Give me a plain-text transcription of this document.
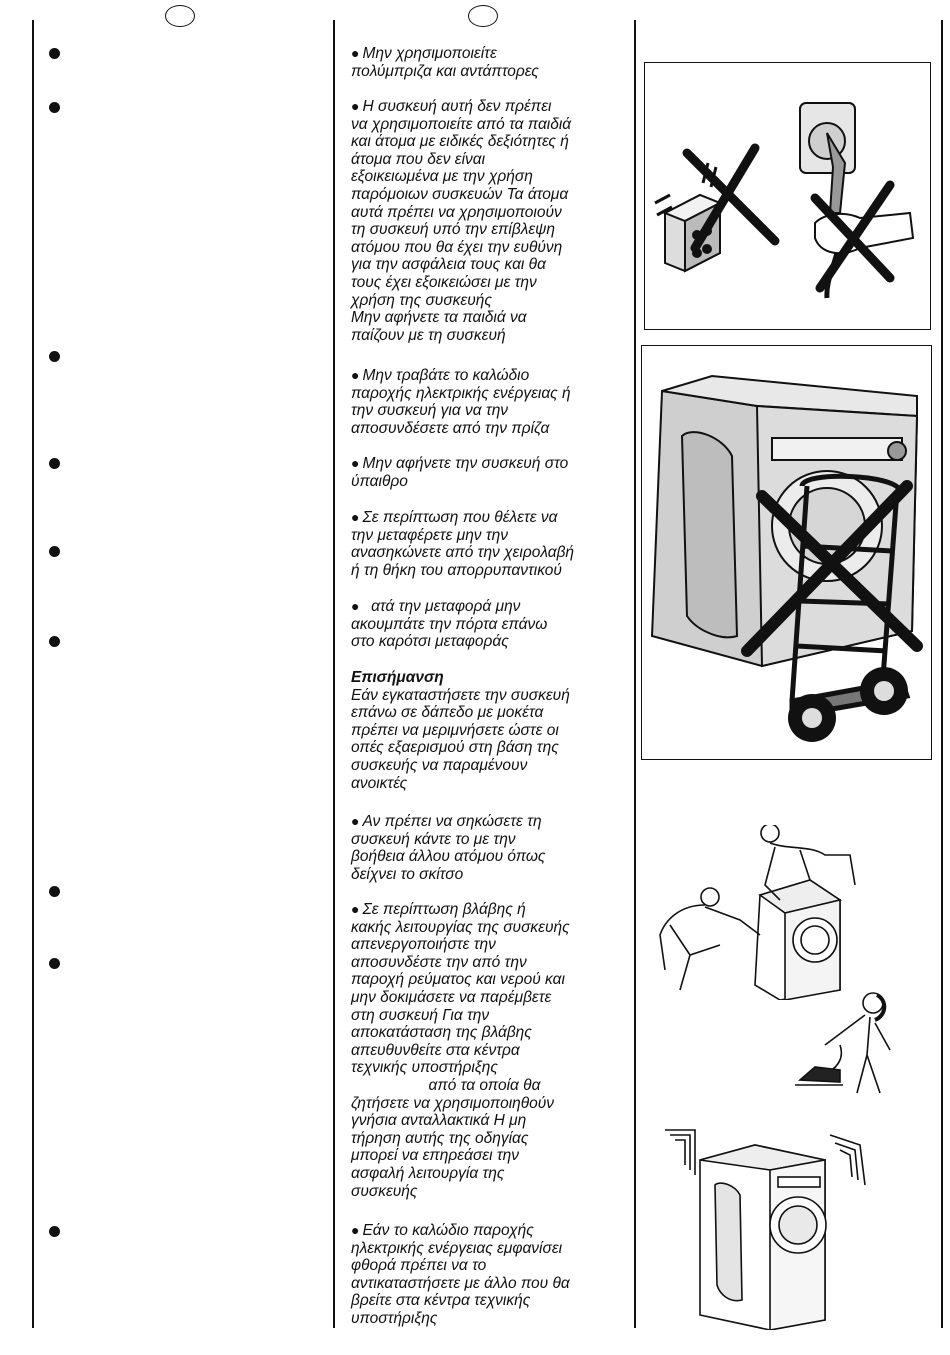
● Μην χρησιμοποιείτε

πολύμπριζα και αντάπτορες

● Η συσκευή αυτή δεν πρέπει

να χρησιμοποιείτε από τα παιδιά

και άτομα με ειδικές δεξιότητες ή

άτομα που δεν είναι

εξοικειωμένα με την χρήση

παρόμοιων συσκευών Τα άτομα

αυτά πρέπει να χρησιμοποιούν

τη συσκευή υπό την επίβλεψη

ατόμου που θα έχει την ευθύνη

για την ασφάλεια τους και θα

τους έχει εξοικειώσει με την

χρήση της συσκευής

Μην αφήνετε τα παιδιά να

παίζουν με τη συσκευή

● Μην τραβάτε το καλώδιο

παροχής ηλεκτρικής ενέργειας ή

την συσκευή για να την

αποσυνδέσετε από την πρίζα

● Μην αφήνετε την συσκευή στο

ύπαιθρο

● Σε περίπτωση που θέλετε να

την μεταφέρετε μην την

ανασηκώνετε από την χειρολαβή

ή τη θήκη του απορρυπαντικού

●  ατά την μεταφορά μην

ακουμπάτε την πόρτα επάνω

στο καρότσι μεταφοράς

Επισήμανση

Εάν εγκαταστήσετε την συσκευή

επάνω σε δάπεδο με μοκέτα

πρέπει να μεριμνήσετε ώστε οι

οπές εξαερισμού στη βάση της

συσκευής να παραμένουν

ανοικτές

● Αν πρέπει να σηκώσετε τη

συσκευή κάντε το με την

βοήθεια άλλου ατόμου όπως

δείχνει το σκίτσο

● Σε περίπτωση βλάβης ή

κακής λειτουργίας της συσκευής

απενεργοποιήστε την

αποσυνδέστε την από την

παροχή ρεύματος και νερού και

μην δοκιμάσετε να παρέμβετε

στη συσκευή Για την

αποκατάσταση της βλάβης

απευθυνθείτε στα κέντρα

τεχνικής υποστήριξης

από τα οποία θα

ζητήσετε να χρησιμοποιηθούν

γνήσια ανταλλακτικά Η μη

τήρηση αυτής της οδηγίας

μπορεί να επηρεάσει την

ασφαλή λειτουργία της

συσκευής

● Εάν το καλώδιο παροχής

ηλεκτρικής ενέργειας εμφανίσει

φθορά πρέπει να το

αντικαταστήσετε με άλλο που θα

βρείτε στα κέντρα τεχνικής

υποστήριξης
